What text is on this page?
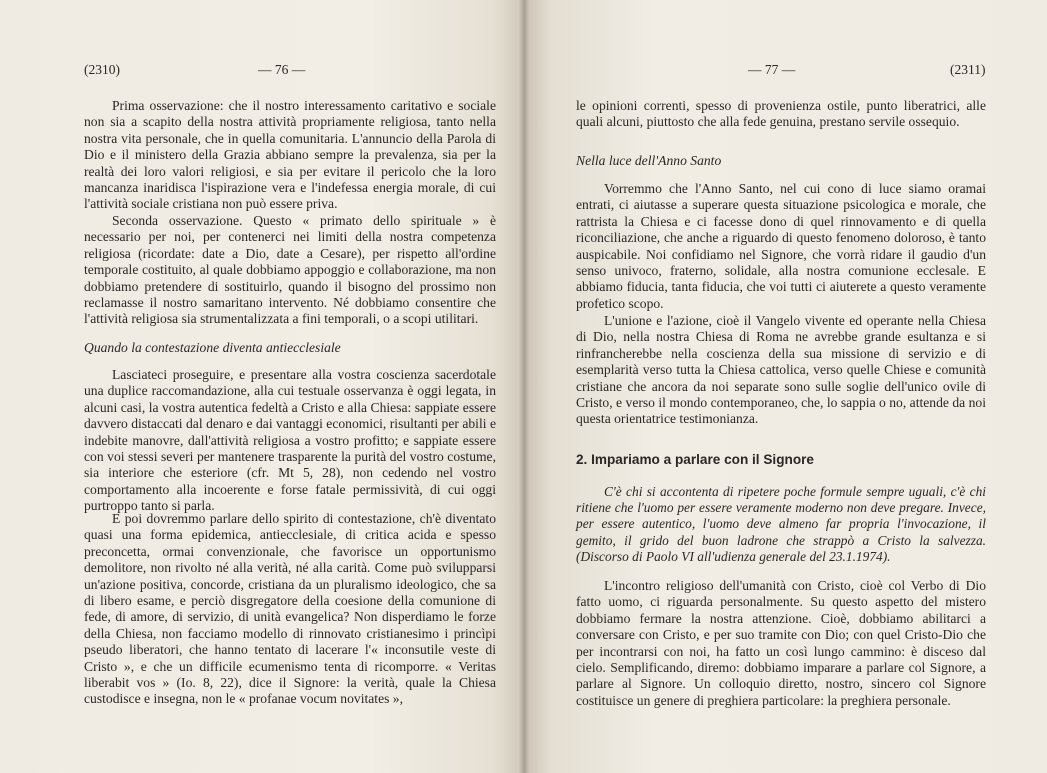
(2310)	— 76 —
Prima osservazione: che il nostro interessamento caritativo e sociale non sia a scapito della nostra attività propriamente religiosa, tanto nella nostra vita personale, che in quella comunitaria. L'annuncio della Parola di Dio e il ministero della Grazia abbiano sempre la prevalenza, sia per la realtà dei loro valori religiosi, e sia per evitare il pericolo che la loro mancanza inaridisca l'ispirazione vera e l'indefessa energia morale, di cui l'attività sociale cristiana non può essere priva.
Seconda osservazione. Questo « primato dello spirituale » è necessario per noi, per contenerci nei limiti della nostra competenza religiosa (ricordate: date a Dio, date a Cesare), per rispetto all'ordine temporale costituito, al quale dobbiamo appoggio e collaborazione, ma non dobbiamo pretendere di sostituirlo, quando il bisogno del prossimo non reclamasse il nostro samaritano intervento. Né dobbiamo consentire che l'attività religiosa sia strumentalizzata a fini temporali, o a scopi utilitari.
Quando la contestazione diventa antiecclesiale
Lasciateci proseguire, e presentare alla vostra coscienza sacerdotale una duplice raccomandazione, alla cui testuale osservanza è oggi legata, in alcuni casi, la vostra autentica fedeltà a Cristo e alla Chiesa: sappiate essere davvero distaccati dal denaro e dai vantaggi economici, risultanti per abili e indebite manovre, dall'attività religiosa a vostro profitto; e sappiate essere con voi stessi severi per mantenere trasparente la purità del vostro costume, sia interiore che esteriore (cfr. Mt 5, 28), non cedendo nel vostro comportamento alla incoerente e forse fatale permissività, di cui oggi purtroppo tanto si parla.
E poi dovremmo parlare dello spirito di contestazione, ch'è diventato quasi una forma epidemica, antiecclesiale, di critica acida e spesso preconcetta, ormai convenzionale, che favorisce un opportunismo demolitore, non rivolto né alla verità, né alla carità. Come può svilupparsi un'azione positiva, concorde, cristiana da un pluralismo ideologico, che sa di libero esame, e perciò disgregatore della coesione della comunione di fede, di amore, di servizio, di unità evangelica? Non disperdiamo le forze della Chiesa, non facciamo modello di rinnovato cristianesimo i princìpi pseudo liberatori, che hanno tentato di lacerare l'« inconsutile veste di Cristo », e che un difficile ecumenismo tenta di ricomporre. « Veritas liberabit vos » (Io. 8, 22), dice il Signore: la verità, quale la Chiesa custodisce e insegna, non le « profanae vocum novitates »,
— 77 —	(2311)
le opinioni correnti, spesso di provenienza ostile, punto liberatrici, alle quali alcuni, piuttosto che alla fede genuina, prestano servile ossequio.
Nella luce dell'Anno Santo
Vorremmo che l'Anno Santo, nel cui cono di luce siamo oramai entrati, ci aiutasse a superare questa situazione psicologica e morale, che rattrista la Chiesa e ci facesse dono di quel rinnovamento e di quella riconciliazione, che anche a riguardo di questo fenomeno doloroso, è tanto auspicabile. Noi confidiamo nel Signore, che vorrà ridare il gaudio d'un senso univoco, fraterno, solidale, alla nostra comunione ecclesale. E abbiamo fiducia, tanta fiducia, che voi tutti ci aiuterete a questo veramente profetico scopo.
L'unione e l'azione, cioè il Vangelo vivente ed operante nella Chiesa di Dio, nella nostra Chiesa di Roma ne avrebbe grande esultanza e si rinfrancherebbe nella coscienza della sua missione di servizio e di esemplarità verso tutta la Chiesa cattolica, verso quelle Chiese e comunità cristiane che ancora da noi separate sono sulle soglie dell'unico ovile di Cristo, e verso il mondo contemporaneo, che, lo sappia o no, attende da noi questa orientatrice testimonianza.
2. Impariamo a parlare con il Signore
C'è chi si accontenta di ripetere poche formule sempre uguali, c'è chi ritiene che l'uomo per essere veramente moderno non deve pregare. Invece, per essere autentico, l'uomo deve almeno far propria l'invocazione, il gemito, il grido del buon ladrone che strappò a Cristo la salvezza. (Discorso di Paolo VI all'udienza generale del 23.1.1974).
L'incontro religioso dell'umanità con Cristo, cioè col Verbo di Dio fatto uomo, ci riguarda personalmente. Su questo aspetto del mistero dobbiamo fermare la nostra attenzione. Cioè, dobbiamo abilitarci a conversare con Cristo, e per suo tramite con Dio; con quel Cristo-Dio che per incontrarsi con noi, ha fatto un così lungo cammino: è disceso dal cielo. Semplificando, diremo: dobbiamo imparare a parlare col Signore, a parlare al Signore. Un colloquio diretto, nostro, sincero col Signore costituisce un genere di preghiera particolare: la preghiera personale.
